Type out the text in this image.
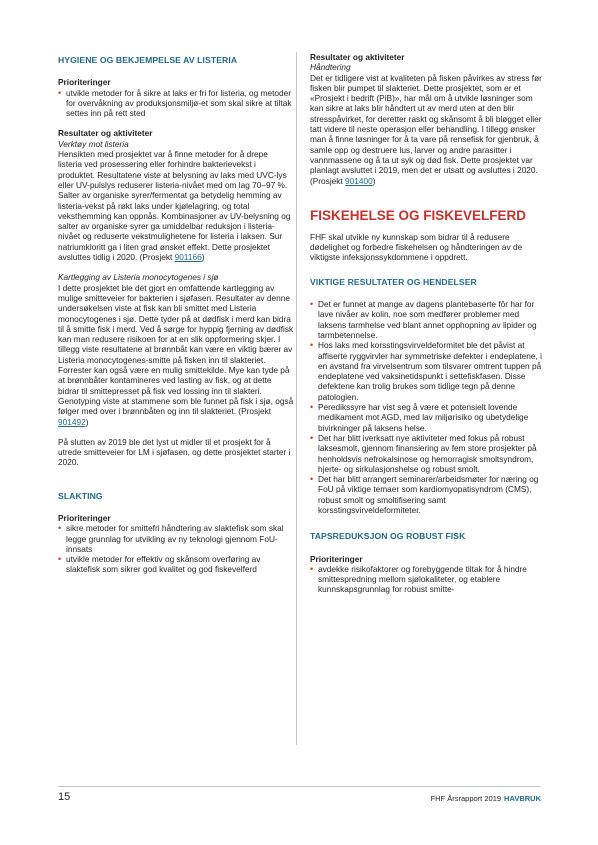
HYGIENE OG BEKJEMPELSE AV LISTERIA

Prioriteringer

• utvikle metoder for å sikre at laks er fri for listeria, og metoder for overvåkning av produksjonsmiljø-et som skal sikre at tiltak settes inn på rett sted

Resultater og aktiviteter

Verktøy mot listeria

Hensikten med prosjektet var å finne metoder for å drepe listeria ved prosessering eller forhindre bakterievekst i produktet. Resultatene viste at belysning av laks med UVC-lys eller UV-pulslys reduserer listeria-nivået med om lag 70–97 %. Salter av organiske syrer/fermentat ga betydelig hemming av listeria-vekst på røkt laks under kjølelagring, og total veksthemming kan oppnås. Kombinasjoner av UV-belysning og salter av organiske syrer ga umiddelbar reduksjon i listeria-nivået og reduserte vekstmulighetene for listeria i laksen. Sur natriumkloritt ga i liten grad ønsket effekt. Dette prosjektet avsluttes tidlig i 2020. (Prosjekt 901166)

Kartlegging av Listeria monocytogenes i sjø

I dette prosjektet ble det gjort en omfattende kartlegging av mulige smitteveier for bakterien i sjøfasen. Resultater av denne undersøkelsen viste at fisk kan bli smittet med Listeria monocytogenes i sjø. Dette tyder på at dødfisk i merd kan bidra til å smitte fisk i merd. Ved å sørge for hyppig fjerning av dødfisk kan man redusere risikoen for at en slik oppformering skjer. I tillegg viste resultatene at brønnbåt kan være en viktig bærer av Listeria monocytogenes-smitte på fisken inn til slakteriet. Forrester kan også være en mulig smittekilde. Mye kan tyde på at brønnbåter kontamineres ved lasting av fisk, og at dette bidrar til smittepresset på fisk ved lossing inn til slakteri. Genotyping viste at stammene som ble funnet på fisk i sjø, også følger med over i brønnbåten og inn til slakteriet. (Prosjekt 901492)

På slutten av 2019 ble det lyst ut midler til et prosjekt for å utrede smitteveier for LM i sjøfasen, og dette prosjektet starter i 2020.

SLAKTING

Prioriteringer

• sikre metoder for smittefri håndtering av slaktefisk som skal legge grunnlag for utvikling av ny teknologi gjennom FoU-innsats
• utvikle metoder for effektiv og skånsom overføring av slaktefisk som sikrer god kvalitet og god fiskevelferd

Resultater og aktiviteter

Håndtering

Det er tidligere vist at kvaliteten på fisken påvirkes av stress før fisken blir pumpet til slakteriet. Dette prosjektet, som er et «Prosjekt i bedrift (PiB)», har mål om å utvikle løsninger som kan sikre at laks blir håndtert ut av merd uten at den blir stresspåvirket, for deretter raskt og skånsomt å bli bløgget eller tatt videre til neste operasjon eller behandling. I tillegg ønsker man å finne løsninger for å ta vare på rensefisk for gjenbruk, å samle opp og destruere lus, larver og andre parasitter i vannmassene og å ta ut syk og død fisk. Dette prosjektet var planlagt avsluttet i 2019, men det er utsatt og avsluttes i 2020. (Prosjekt 901400)

FISKEHELSE OG FISKEVELFERD

FHF skal utvikle ny kunnskap som bidrar til å redusere dødelighet og forbedre fiskehelsen og håndteringen av de viktigste infeksjonssykdommene i oppdrett.

VIKTIGE RESULTATER OG HENDELSER
• Det er funnet at mange av dagens plantebaserte fôr har for lave nivåer av kolin, noe som medfører problemer med laksens tarmhelse ved blant annet opphopning av lipider og tarmbetennelse.
• Hos laks med korsstingsvirveldeformitet ble det påvist at affiserte ryggvirvler har symmetriske defekter i endeplatene, i en avstand fra virvelsentrum som tilsvarer omtrent tuppen på endeplatene ved vaksinetidspunkt i settefiskfasen. Disse defektene kan trolig brukes som tidlige tegn på denne patologien.
• Peredikssyre har vist seg å være et potensielt lovende medikament mot AGD, med lav miljørisiko og ubetydelige bivirkninger på laksens helse.
• Det har blitt iverksatt nye aktiviteter med fokus på robust laksesmolt, gjennom finansiering av fem store prosjekter på henholdsvis nefrokalsinose og hemorragisk smoltsyndrom, hjerte- og sirkulasjonshelse og robust smolt.
• Det har blitt arrangert seminarer/arbeidsmøter for næring og FoU på viktige temaer som kardiomyopatisyndrom (CMS), robust smolt og smoltifisering samt korsstingsvirveldeformiteter.
TAPSREDUKSJON OG ROBUST FISK

Prioriteringer

• avdekke risikofaktorer og forebyggende tiltak for å hindre smittespredning mellom sjølokaliteter, og etablere kunnskapsgrunnlag for robust smitte-
15	FHF Årsrapport 2019 HAVBRUK
